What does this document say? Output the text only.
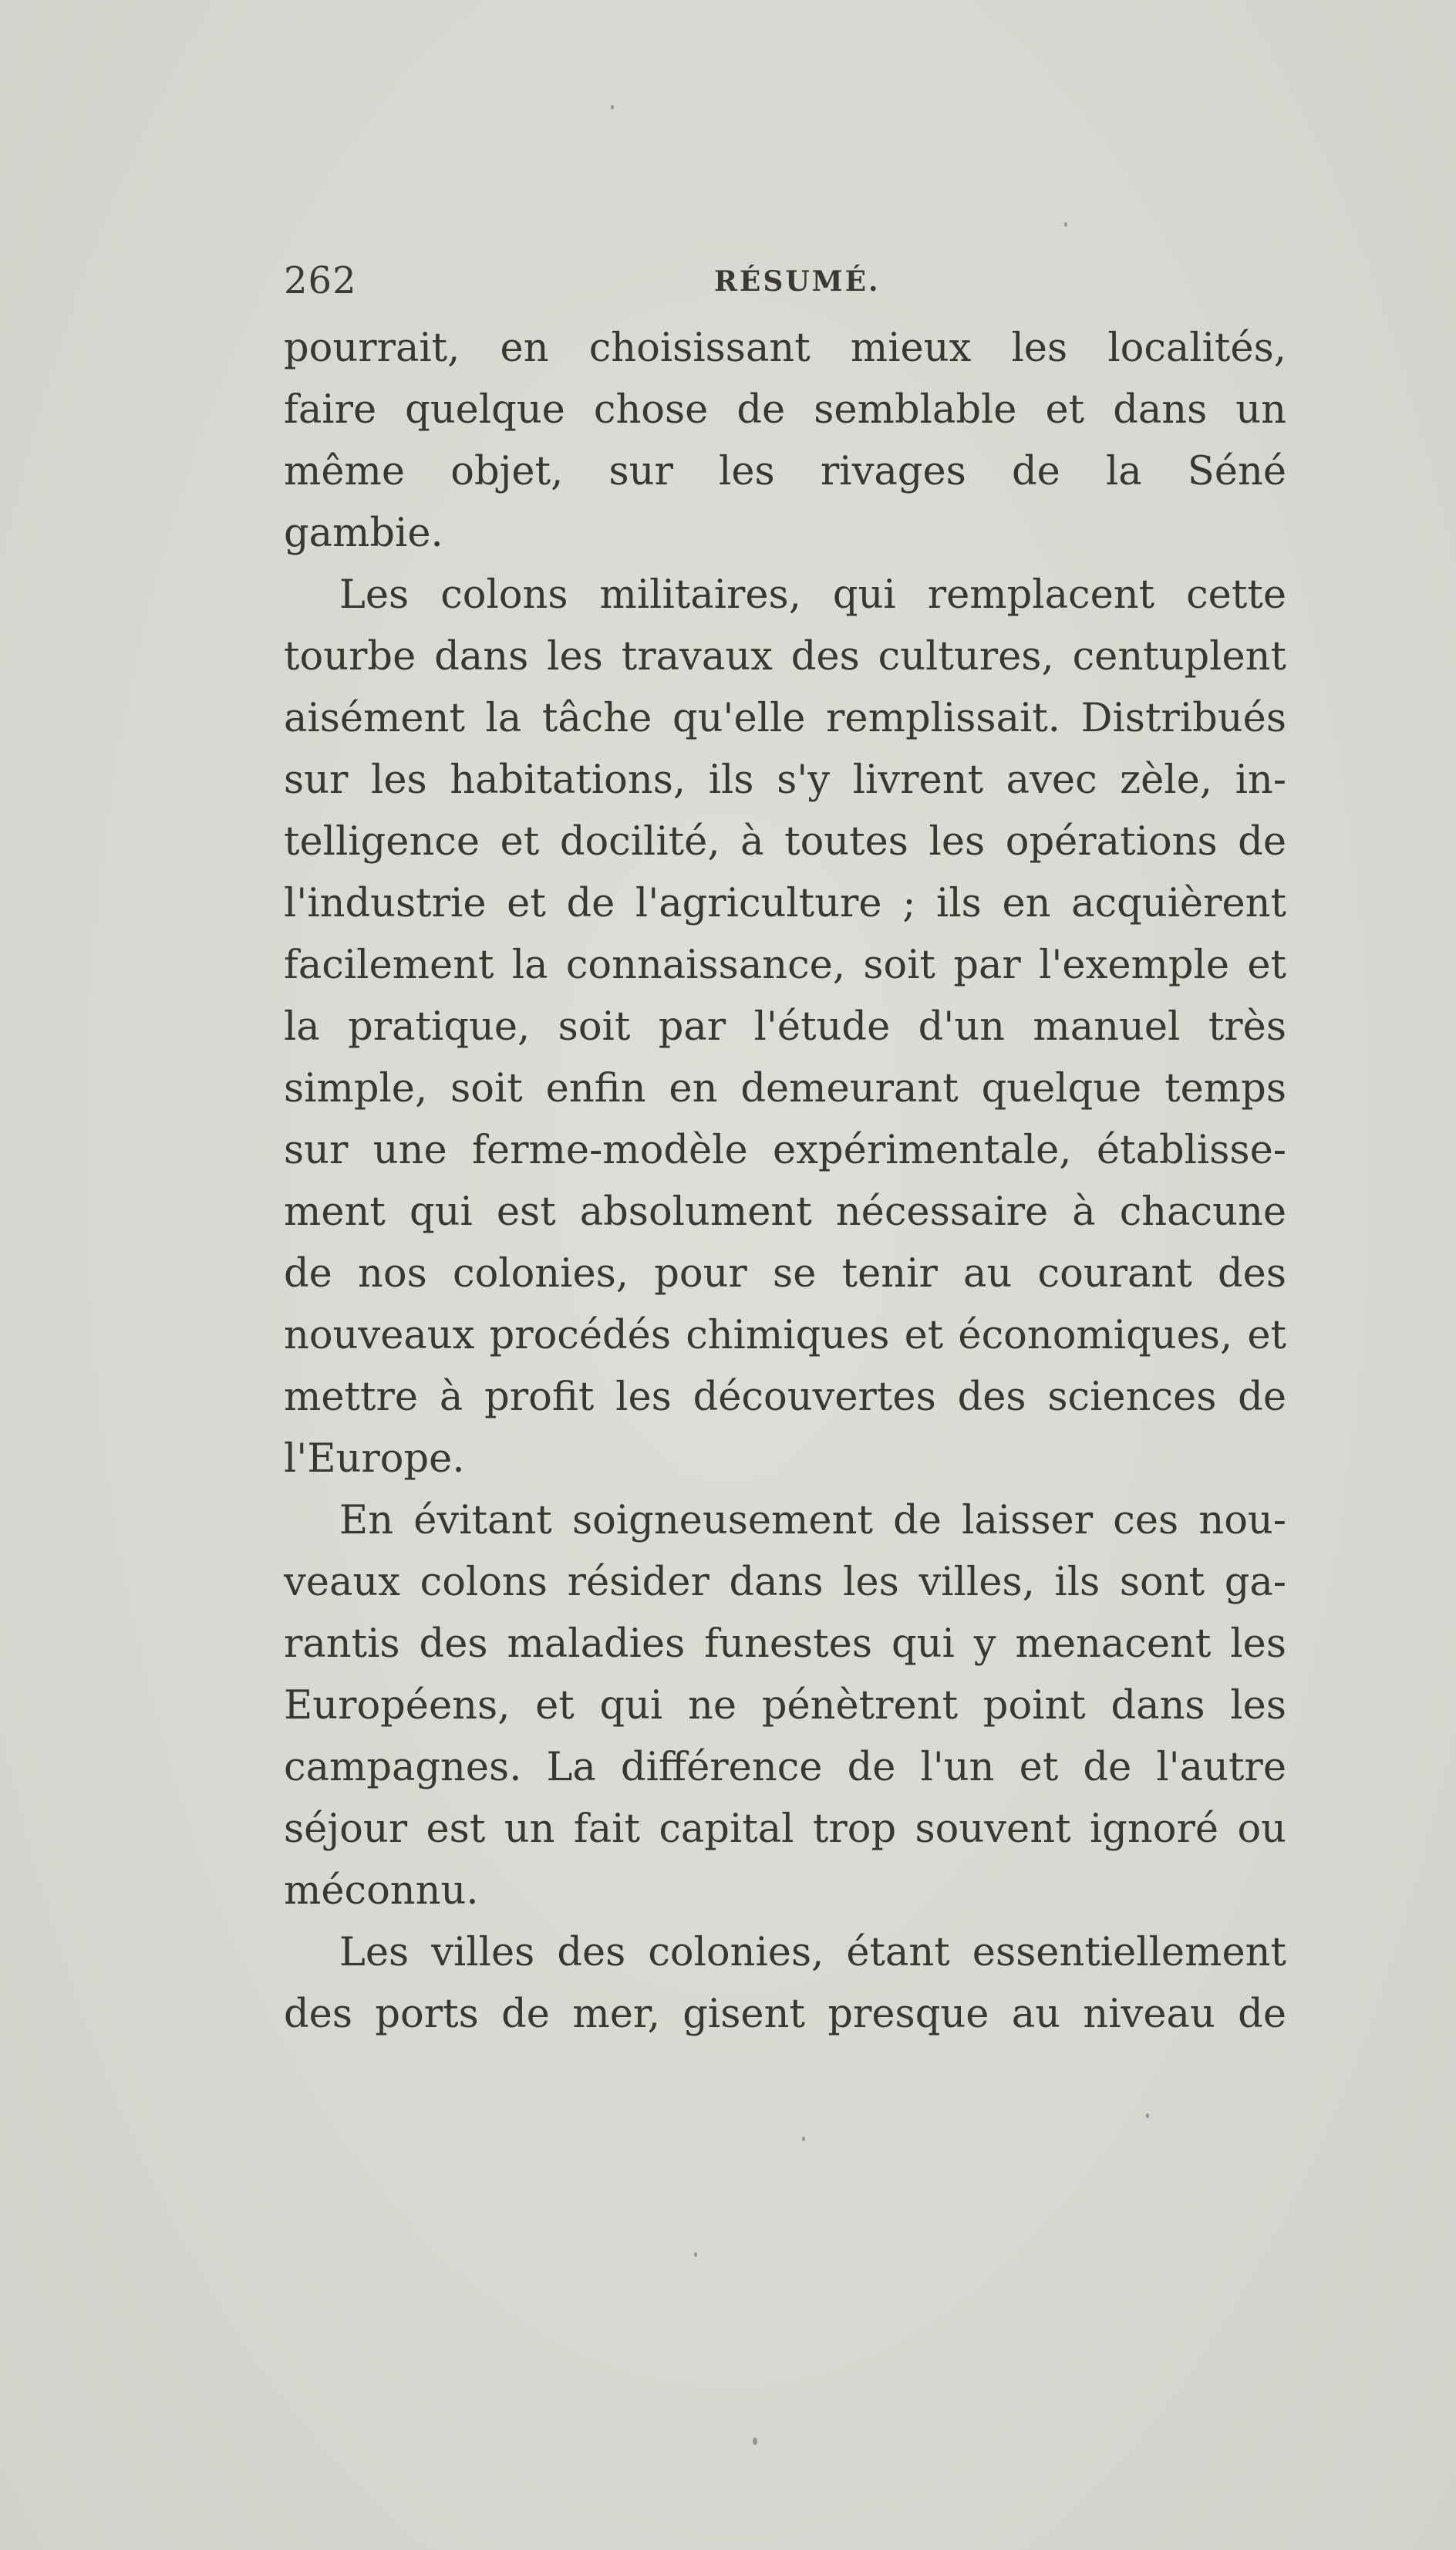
262	RÉSUMÉ.
pourrait, en choisissant mieux les localités,
faire quelque chose de semblable et dans un
même objet, sur les rivages de la Séné
gambie.
Les colons militaires, qui remplacent cette
tourbe dans les travaux des cultures, centuplent
aisément la tâche qu'elle remplissait. Distribués
sur les habitations, ils s'y livrent avec zèle, in-
telligence et docilité, à toutes les opérations de
l'industrie et de l'agriculture ; ils en acquièrent
facilement la connaissance, soit par l'exemple et
la pratique, soit par l'étude d'un manuel très
simple, soit enfin en demeurant quelque temps
sur une ferme-modèle expérimentale, établisse-
ment qui est absolument nécessaire à chacune
de nos colonies, pour se tenir au courant des
nouveaux procédés chimiques et économiques, et
mettre à profit les découvertes des sciences de
l'Europe.
En évitant soigneusement de laisser ces nou-
veaux colons résider dans les villes, ils sont ga-
rantis des maladies funestes qui y menacent les
Européens, et qui ne pénètrent point dans les
campagnes. La différence de l'un et de l'autre
séjour est un fait capital trop souvent ignoré ou
méconnu.
Les villes des colonies, étant essentiellement
des ports de mer, gisent presque au niveau de
